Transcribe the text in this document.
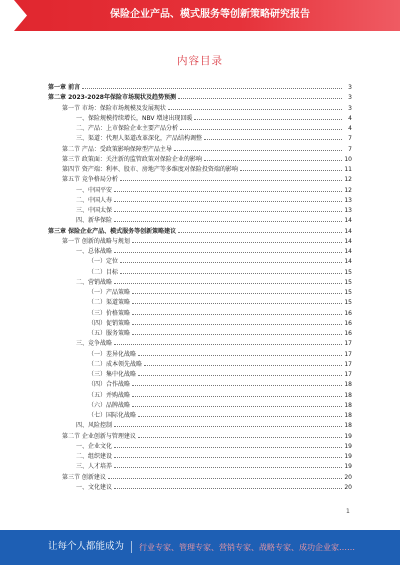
保险企业产品、模式服务等创新策略研究报告
内容目录
第一章 前言	3
第二章 2023-2028年保险市场现状及趋势预测	3
第一节 市场：保险市场规模及发展现状	3
一、保险规模持续增长，NBV 增速出现回暖	4
二、产品：上市保险企业主要产品分析	4
三、渠道：代理人渠道改革深化，产品结构调整	7
第二节 产品：受政策影响保障型产品主导	7
第三节 政策面：关注新的监管政策对保险企业的影响	10
第四节 资产端：利率、股市、房地产等多维度对保险投资端的影响	11
第五节 竞争格局分析	12
一、中国平安	12
二、中国人寿	13
三、中国太保	13
四、新华保险	14
第三章 保险企业产品、模式服务等创新策略建议	14
第一节 创新的战略与规划	14
一、总体战略	14
（一）定位	14
（二）目标	15
二、营销战略	15
（一）产品策略	15
（二）渠道策略	15
（三）价格策略	16
（四）促销策略	16
（五）服务策略	16
三、竞争战略	17
（一）差异化战略	17
（二）成本领先战略	17
（三）集中化战略	17
（四）合作战略	18
（五）并购战略	18
（六）品牌战略	18
（七）国际化战略	18
四、风险控制	18
第二节 企业创新与管理建议	19
一、企业文化	19
二、组织建设	19
三、人才培养	19
第三节 创新建议	20
一、文化建议	20
1
让每个人都能成为 行业专家、管理专家、营销专家、战略专家、成功企业家……
